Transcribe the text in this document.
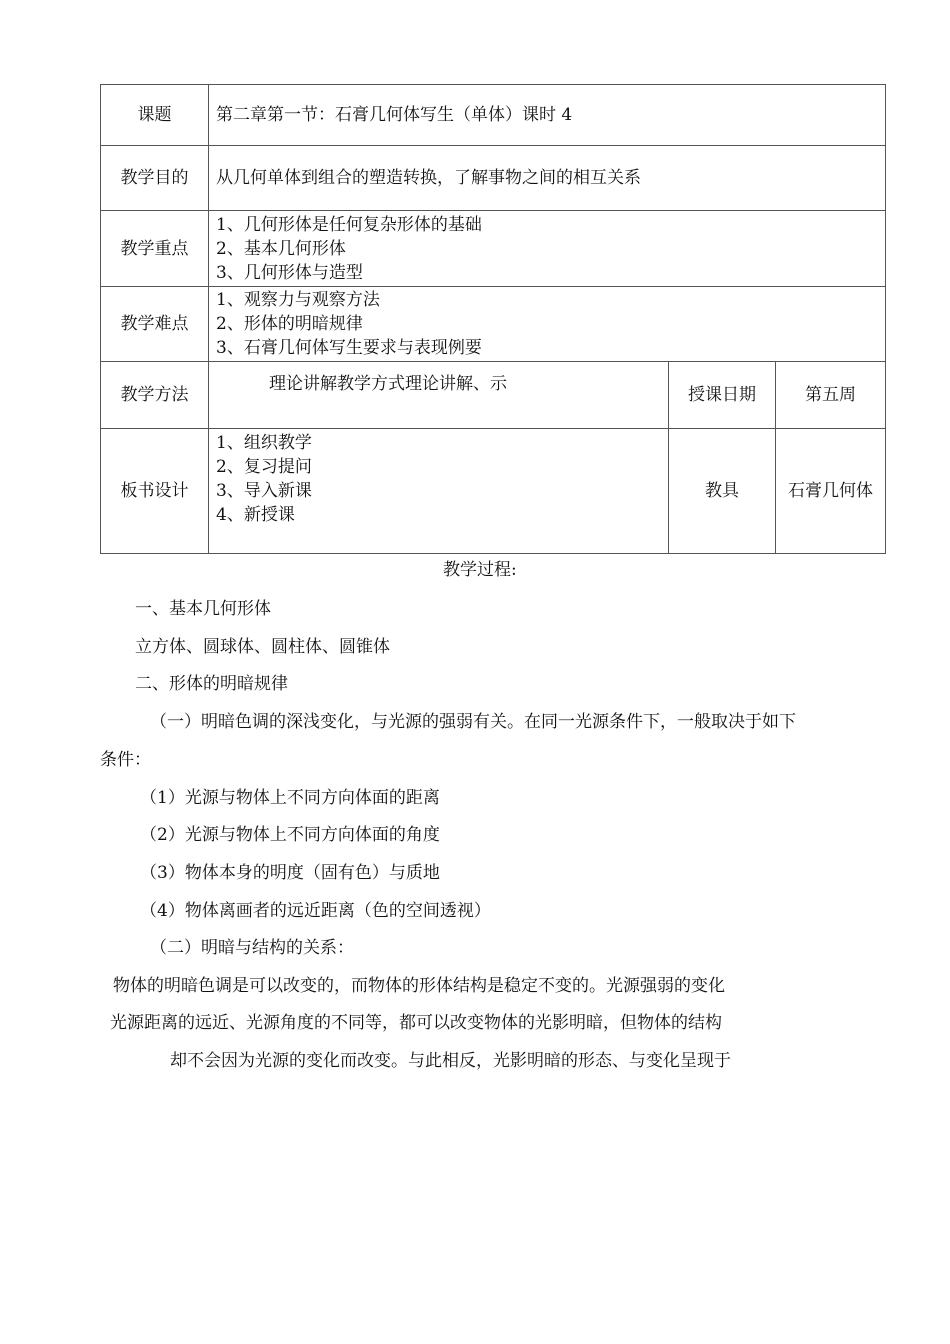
课题	第二章第一节：石膏几何体写生（单体）课时 4		
教学目的	从几何单体到组合的塑造转换，了解事物之间的相互关系		
教学重点	1、几何形体是任何复杂形体的基础
2、基本几何形体
3、几何形体与造型		

教学难点	1、观察力与观察方法
2、形体的明暗规律
3、石膏几何体写生要求与表现例要		

教学方法	理论讲解教学方式理论讲解、示	授课日期	第五周
板书设计	1、组织教学
2、复习提问
3、导入新课
4、新授课	教具	石膏几何体
教学过程:
一、基本几何形体
立方体、圆球体、圆柱体、圆锥体
二、形体的明暗规律
（一）明暗色调的深浅变化，与光源的强弱有关。在同一光源条件下，一般取决于如下
条件：
（1）光源与物体上不同方向体面的距离
（2）光源与物体上不同方向体面的角度
（3）物体本身的明度（固有色）与质地
（4）物体离画者的远近距离（色的空间透视）
（二）明暗与结构的关系：
物体的明暗色调是可以改变的，而物体的形体结构是稳定不变的。光源强弱的变化
光源距离的远近、光源角度的不同等，都可以改变物体的光影明暗，但物体的结构
却不会因为光源的变化而改变。与此相反，光影明暗的形态、与变化呈现于
